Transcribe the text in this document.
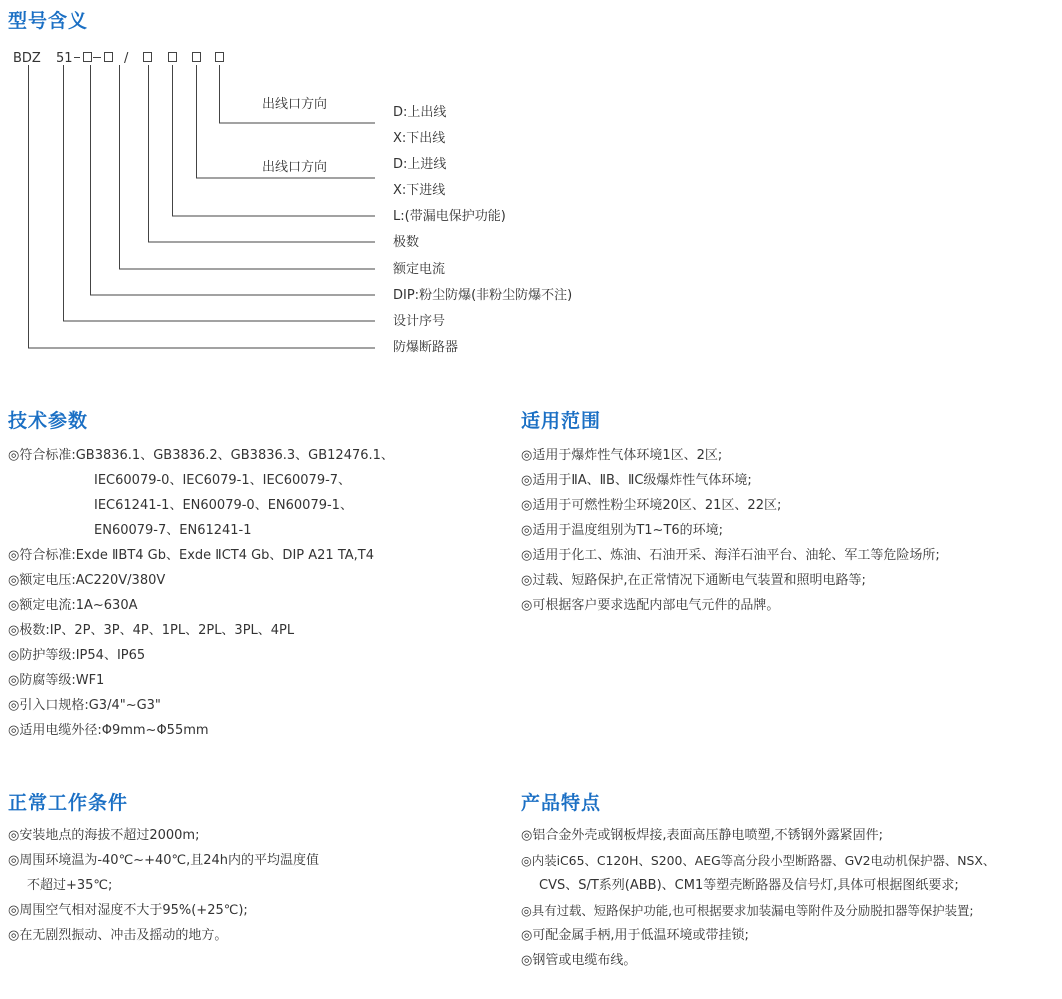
型号含义
BDZ 51	/
出线口方向
出线口方向
D:上出线
X:下出线
D:上进线
X:下进线
L:(带漏电保护功能)
极数
额定电流
DIP:粉尘防爆(非粉尘防爆不注)
设计序号
防爆断路器
技术参数
◎符合标准:GB3836.1、GB3836.2、GB3836.3、GB12476.1、
IEC60079-0、IEC6079-1、IEC60079-7、
IEC61241-1、EN60079-0、EN60079-1、
EN60079-7、EN61241-1
◎符合标准:Exde ⅡBT4 Gb、Exde ⅡCT4 Gb、DIP A21 TA,T4
◎额定电压:AC220V/380V
◎额定电流:1A~630A
◎极数:IP、2P、3P、4P、1PL、2PL、3PL、4PL
◎防护等级:IP54、IP65
◎防腐等级:WF1
◎引入口规格:G3/4"~G3"
◎适用电缆外径:Φ9mm~Φ55mm
适用范围
◎适用于爆炸性气体环境1区、2区;
◎适用于ⅡA、ⅡB、ⅡC级爆炸性气体环境;
◎适用于可燃性粉尘环境20区、21区、22区;
◎适用于温度组别为T1~T6的环境;
◎适用于化工、炼油、石油开采、海洋石油平台、油轮、军工等危险场所;
◎过载、短路保护,在正常情况下通断电气装置和照明电路等;
◎可根据客户要求选配内部电气元件的品牌。
正常工作条件
◎安装地点的海拔不超过2000m;
◎周围环境温为-40℃~+40℃,且24h内的平均温度值
不超过+35℃;
◎周围空气相对湿度不大于95%(+25℃);
◎在无剧烈振动、冲击及摇动的地方。
产品特点
◎铝合金外壳或钢板焊接,表面高压静电喷塑,不锈钢外露紧固件;
◎内装iC65、C120H、S200、AEG等高分段小型断路器、GV2电动机保护器、NSX、
CVS、S/T系列(ABB)、CM1等塑壳断路器及信号灯,具体可根据图纸要求;
◎具有过载、短路保护功能,也可根据要求加装漏电等附件及分励脱扣器等保护装置;
◎可配金属手柄,用于低温环境或带挂锁;
◎钢管或电缆布线。
